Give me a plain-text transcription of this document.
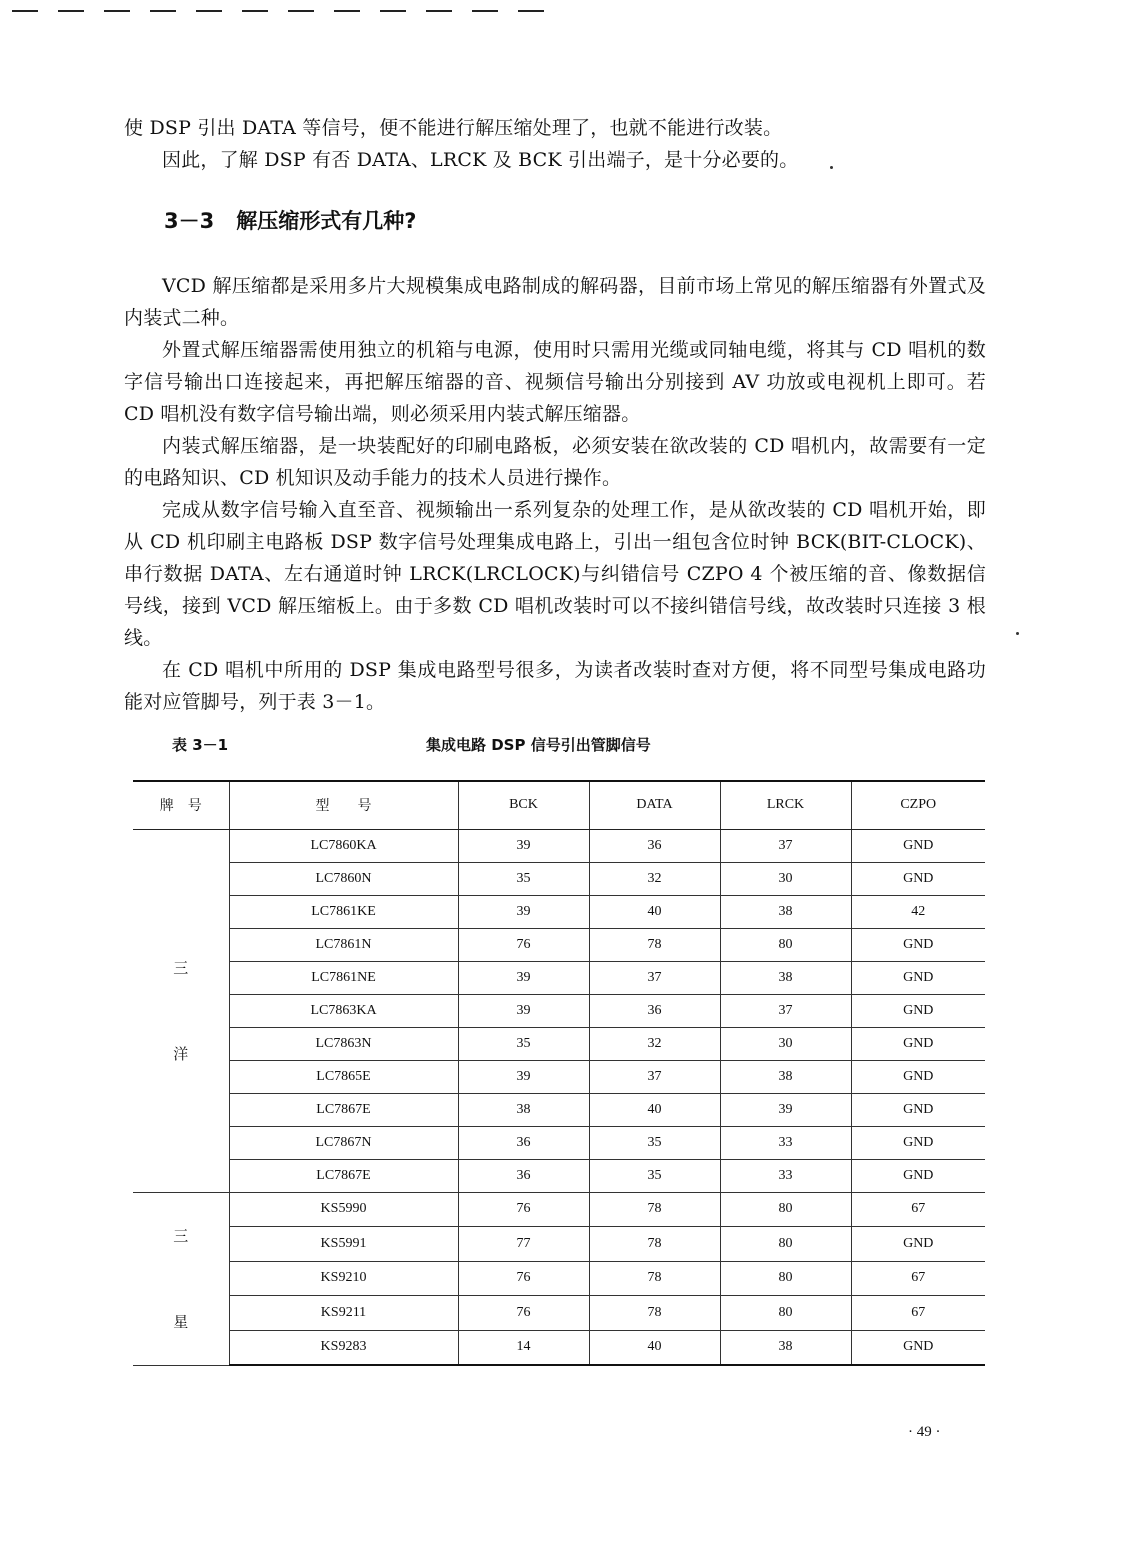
使 DSP 引出 DATA 等信号，便不能进行解压缩处理了，也就不能进行改装。

因此，了解 DSP 有否 DATA、LRCK 及 BCK 引出端子，是十分必要的。

3－3 解压缩形式有几种?

VCD 解压缩都是采用多片大规模集成电路制成的解码器，目前市场上常见的解压缩器有外置式及内装式二种。

外置式解压缩器需使用独立的机箱与电源，使用时只需用光缆或同轴电缆，将其与 CD 唱机的数字信号输出口连接起来，再把解压缩器的音、视频信号输出分别接到 AV 功放或电视机上即可。若 CD 唱机没有数字信号输出端，则必须采用内装式解压缩器。

内装式解压缩器，是一块装配好的印刷电路板，必须安装在欲改装的 CD 唱机内，故需要有一定的电路知识、CD 机知识及动手能力的技术人员进行操作。

完成从数字信号输入直至音、视频输出一系列复杂的处理工作，是从欲改装的 CD 唱机开始，即从 CD 机印刷主电路板 DSP 数字信号处理集成电路上，引出一组包含位时钟 BCK(BIT-CLOCK)、串行数据 DATA、左右通道时钟 LRCK(LRCLOCK)与纠错信号 CZPO 4 个被压缩的音、像数据信号线，接到 VCD 解压缩板上。由于多数 CD 唱机改装时可以不接纠错信号线，故改装时只连接 3 根线。

在 CD 唱机中所用的 DSP 集成电路型号很多，为读者改装时查对方便，将不同型号集成电路功能对应管脚号，列于表 3－1。

表 3－1	集成电路 DSP 信号引出管脚信号
牌　号	型　　号	BCK	DATA	LRCK	CZPO

三
洋	LC7860KA	39	36	37	GND
	LC7860N	35	32	30	GND
	LC7861KE	39	40	38	42
	LC7861N	76	78	80	GND
	LC7861NE	39	37	38	GND
	LC7863KA	39	36	37	GND
	LC7863N	35	32	30	GND
	LC7865E	39	37	38	GND
	LC7867E	38	40	39	GND
	LC7867N	36	35	33	GND
	LC7867E	36	35	33	GND

三
星	KS5990	76	78	80	67
	KS5991	77	78	80	GND
	KS9210	76	78	80	67
	KS9211	76	78	80	67
	KS9283	14	40	38	GND
· 49 ·
